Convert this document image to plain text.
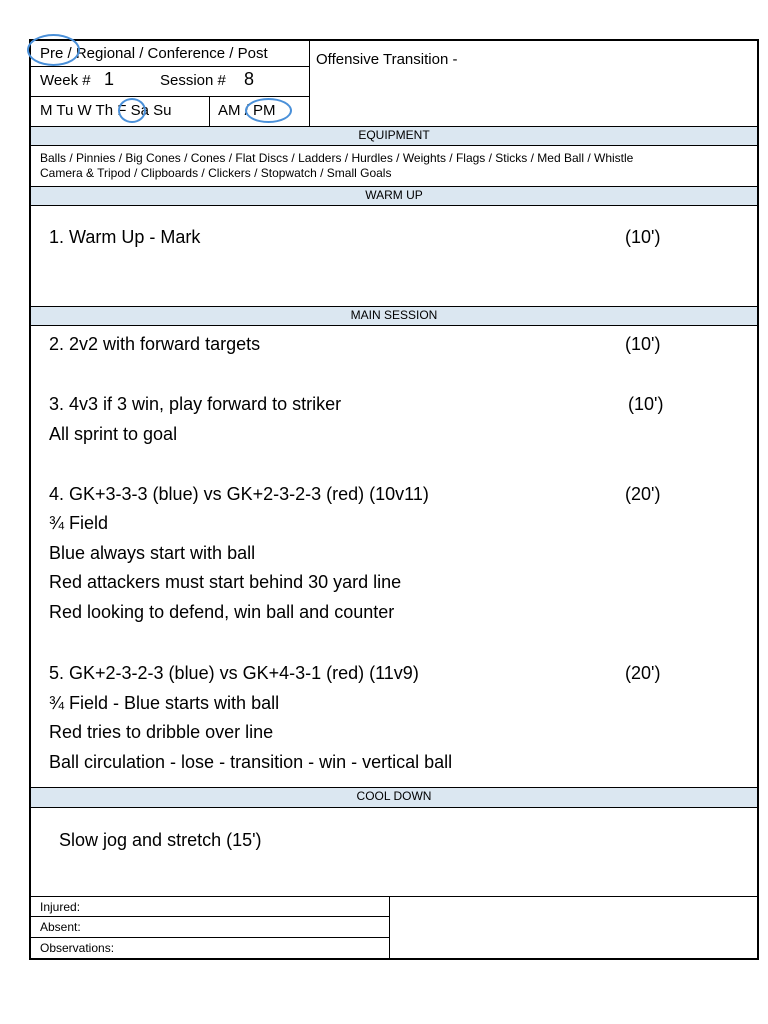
Pre / Regional / Conference / Post
Week # 1	Session # 8
M Tu W Th F Sa Su	AM / PM
Offensive Transition -
EQUIPMENT
Balls / Pinnies / Big Cones / Cones / Flat Discs / Ladders / Hurdles / Weights / Flags / Sticks / Med Ball / Whistle
Camera & Tripod / Clipboards / Clickers / Stopwatch / Small Goals
WARM UP
1. Warm Up - Mark	(10')
MAIN SESSION
2. 2v2 with forward targets	(10')
3. 4v3 if 3 win, play forward to striker	(10')
All sprint to goal
4. GK+3-3-3 (blue) vs GK+2-3-2-3 (red) (10v11)	(20')
¾ Field
Blue always start with ball
Red attackers must start behind 30 yard line
Red looking to defend, win ball and counter
5. GK+2-3-2-3 (blue) vs GK+4-3-1 (red) (11v9)	(20')
¾ Field - Blue starts with ball
Red tries to dribble over line
Ball circulation - lose - transition - win - vertical ball
COOL DOWN
Slow jog and stretch (15')
Injured:
Absent:
Observations:
